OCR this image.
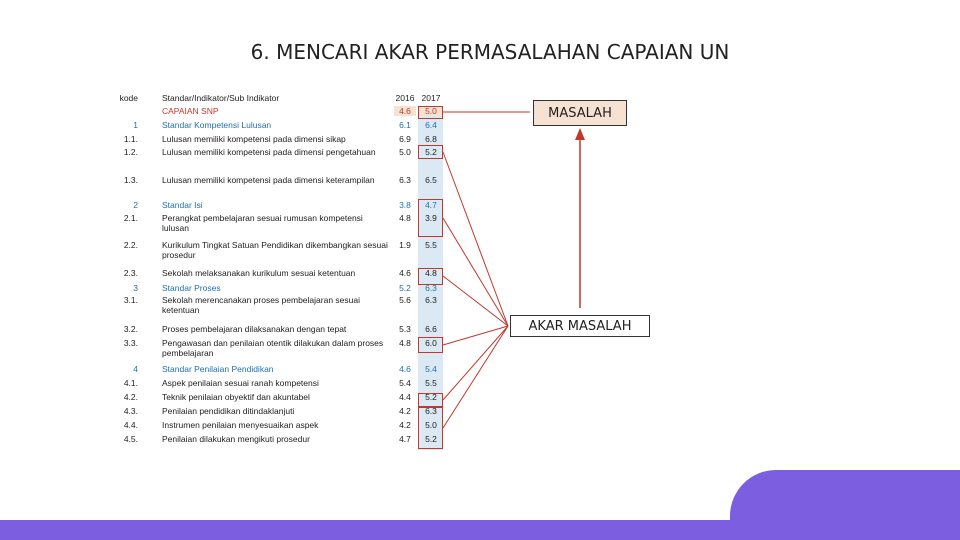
6. MENCARI AKAR PERMASALAHAN CAPAIAN UN
kode	Standar/Indikator/Sub Indikator	2016 2017
CAPAIAN SNP	4.6	5.0
1	Standar Kompetensi Lulusan	6.1	6.4
1.1.	Lulusan memiliki kompetensi pada dimensi sikap	6.9	6.8
1.2.	Lulusan memiliki kompetensi pada dimensi pengetahuan	5.0	5.2
1.3.	Lulusan memiliki kompetensi pada dimensi keterampilan	6.3	6.5
2	Standar Isi	3.8	4.7
2.1.	Perangkat pembelajaran sesuai rumusan kompetensi lulusan
4.8	3.9
2.2.	Kurikulum Tingkat Satuan Pendidikan dikembangkan sesuai prosedur
1.9	5.5
2.3.	Sekolah melaksanakan kurikulum sesuai ketentuan	4.6	4.8
3	Standar Proses	5.2	6.3
3.1.	Sekolah merencanakan proses pembelajaran sesuai ketentuan
5.6	6.3
3.2.	Proses pembelajaran dilaksanakan dengan tepat	5.3	6.6
3.3.	Pengawasan dan penilaian otentik dilakukan dalam proses pembelajaran
4.8	6.0
4	Standar Penilaian Pendidikan	4.6	5.4
4.1.	Aspek penilaian sesuai ranah kompetensi	5.4	5.5
4.2.	Teknik penilaian obyektif dan akuntabel	4.4	5.2
4.3.	Penilaian pendidikan ditindaklanjuti	4.2	6.3
4.4.	Instrumen penilaian menyesuaikan aspek	4.2	5.0
4.5.	Penilaian dilakukan mengikuti prosedur	4.7	5.2
MASALAH
AKAR MASALAH
